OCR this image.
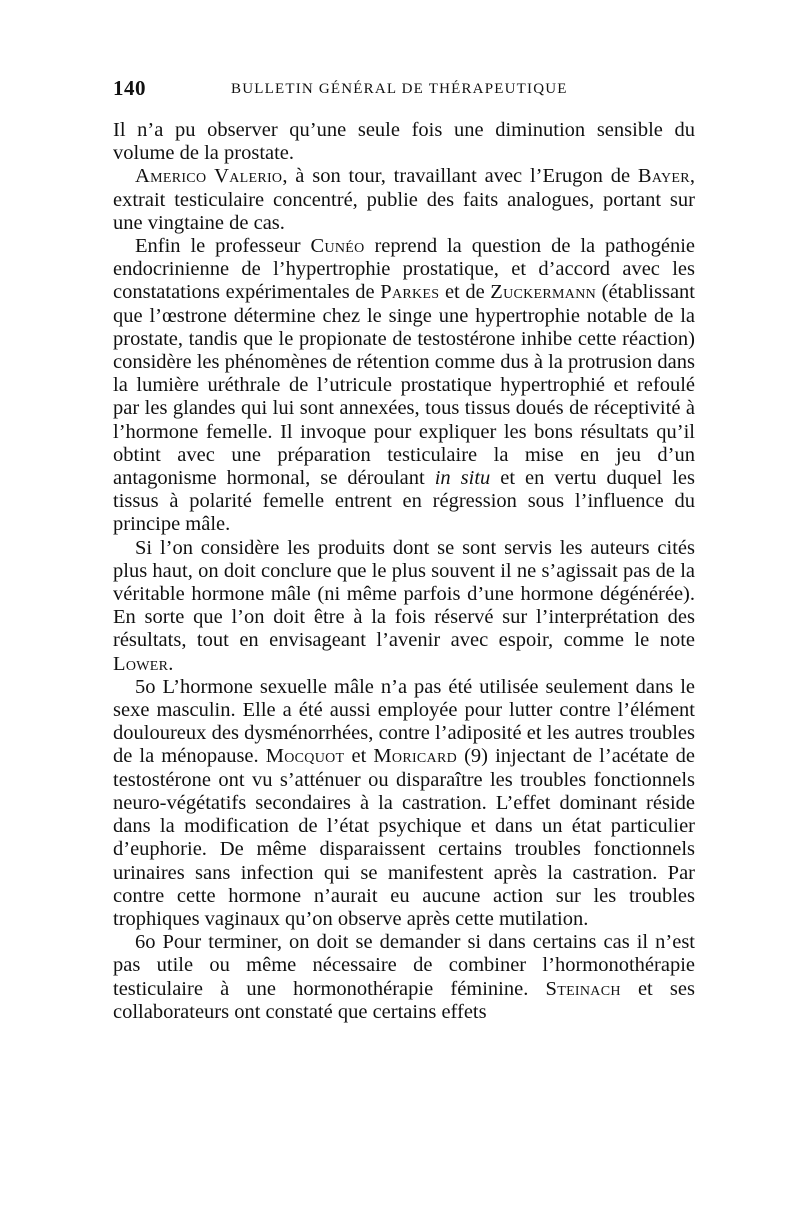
140	BULLETIN GÉNÉRAL DE THÉRAPEUTIQUE

Il n’a pu observer qu’une seule fois une diminution sensible du volume de la prostate.

Americo Valerio, à son tour, travaillant avec l’Erugon de Bayer, extrait testiculaire concentré, publie des faits analogues, portant sur une vingtaine de cas.

Enfin le professeur Cunéo reprend la question de la pathogénie endocrinienne de l’hypertrophie prostatique, et d’accord avec les constatations expérimentales de Parkes et de Zuckermann (établissant que l’œstrone détermine chez le singe une hypertrophie notable de la prostate, tandis que le propionate de testostérone inhibe cette réaction) considère les phénomènes de rétention comme dus à la protrusion dans la lumière uréthrale de l’utricule prostatique hypertrophié et refoulé par les glandes qui lui sont annexées, tous tissus doués de réceptivité à l’hormone femelle. Il invoque pour expliquer les bons résultats qu’il obtint avec une préparation testiculaire la mise en jeu d’un antagonisme hormonal, se déroulant in situ et en vertu duquel les tissus à polarité femelle entrent en régression sous l’influence du principe mâle.

Si l’on considère les produits dont se sont servis les auteurs cités plus haut, on doit conclure que le plus souvent il ne s’agissait pas de la véritable hormone mâle (ni même parfois d’une hormone dégénérée). En sorte que l’on doit être à la fois réservé sur l’interprétation des résultats, tout en envisageant l’avenir avec espoir, comme le note Lower.

5o L’hormone sexuelle mâle n’a pas été utilisée seulement dans le sexe masculin. Elle a été aussi employée pour lutter contre l’élément douloureux des dysménorrhées, contre l’adiposité et les autres troubles de la ménopause. Mocquot et Moricard (9) injectant de l’acétate de testostérone ont vu s’atténuer ou disparaître les troubles fonctionnels neuro-végétatifs secondaires à la castration. L’effet dominant réside dans la modification de l’état psychique et dans un état particulier d’euphorie. De même disparaissent certains troubles fonctionnels urinaires sans infection qui se manifestent après la castration. Par contre cette hormone n’aurait eu aucune action sur les troubles trophiques vaginaux qu’on observe après cette mutilation.

6o Pour terminer, on doit se demander si dans certains cas il n’est pas utile ou même nécessaire de combiner l’hormonothérapie testiculaire à une hormonothérapie féminine. Steinach et ses collaborateurs ont constaté que certains effets
